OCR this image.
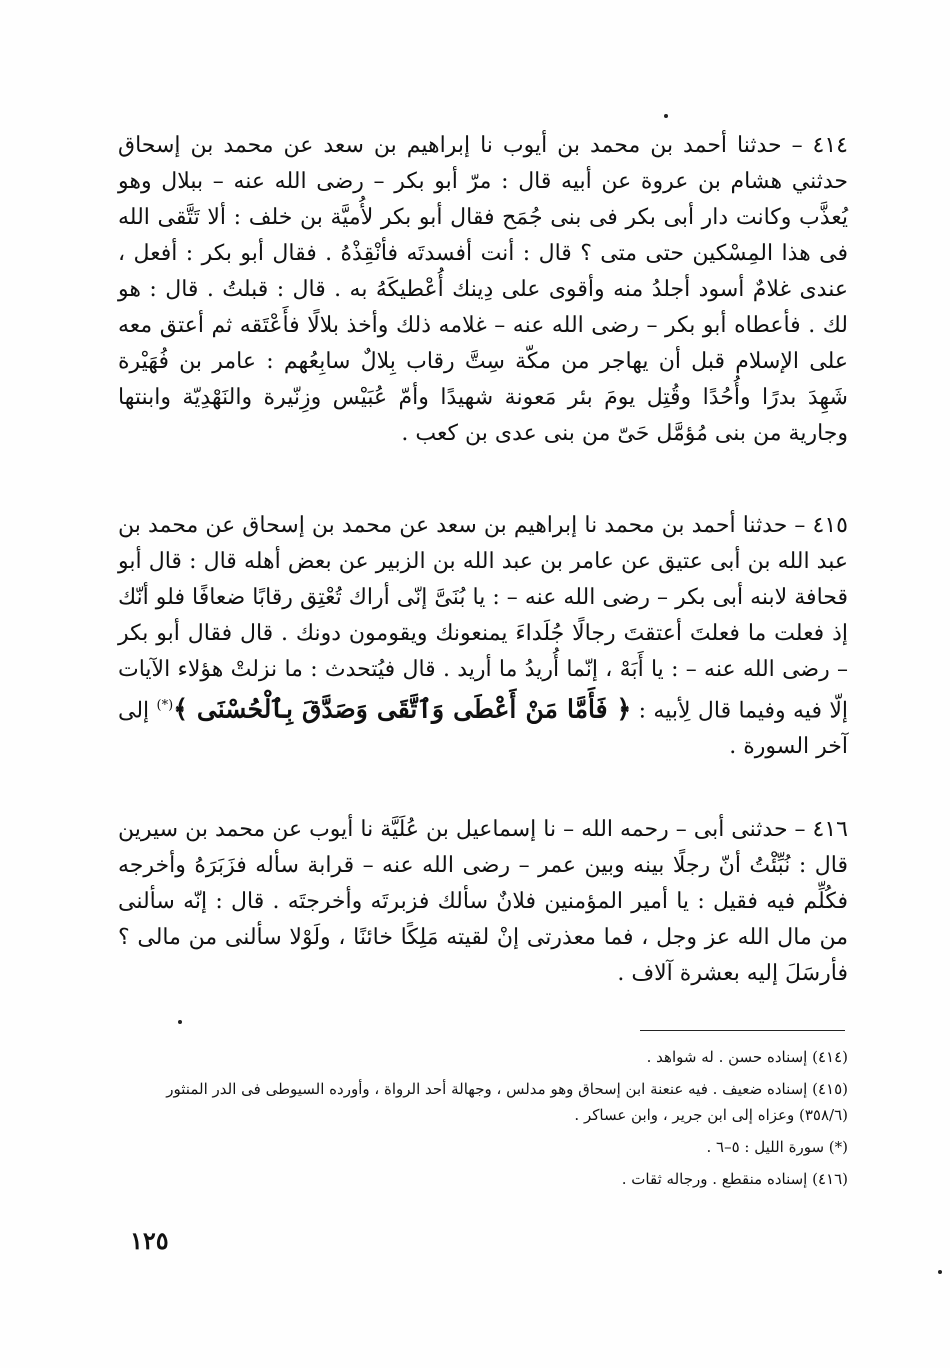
٤١٤ – حدثنا أحمد بن محمد بن أيوب نا إبراهيم بن سعد عن محمد بن إسحاق حدثني هشام بن عروة عن أبيه قال : مرّ أبو بكر – رضى الله عنه – ببلال وهو يُعذَّب وكانت دار أبى بكر فى بنى جُمَح فقال أبو بكر لأُميَّة بن خلف : ألا تَتَّقى الله فى هذا المِسْكين حتى متى ؟ قال : أنت أفسدتَه فأنْقِذْهُ . فقال أبو بكر : أفعل ، عندى غلامٌ أسود أجلدُ منه وأقوى على دِينك أُعْطيكَهُ به . قال : قبلتُ . قال : هو لك . فأعطاه أبو بكر – رضى الله عنه – غلامه ذلك وأخذ بلالًا فأَعْتَقه ثم أعتق معه على الإسلام قبل أن يهاجر من مكّة سِتَّ رقاب بِلالٌ سابِعُهم : عامر بن فُهَيْرة شَهِدَ بدرًا وأُحُدًا وقُتِل يومَ بئر مَعونة شهيدًا وأمّ عُبَيْس وزِنّيرة والنَهْدِيّة وابنتها وجارية من بنى مُؤمَّل حَىّ من بنى عدى بن كعب .

٤١٥ – حدثنا أحمد بن محمد نا إبراهيم بن سعد عن محمد بن إسحاق عن محمد بن عبد الله بن أبى عتيق عن عامر بن عبد الله بن الزبير عن بعض أهله قال : قال أبو قحافة لابنه أبى بكر – رضى الله عنه – : يا بُنَىَّ إنّى أراك تُعْتِق رقابًا ضعافًا فلو أنّك إذ فعلت ما فعلتَ أعتقتَ رجالًا جُلَداءَ يمنعونك ويقومون دونك . قال فقال أبو بكر – رضى الله عنه – : يا أَبَهْ ، إنّما أُريدُ ما أريد . قال فيُتحدث : ما نزلتْ هؤلاء الآيات إلّا فيه وفيما قال لِأبيه : ﴿ فَأَمَّا مَنْ أَعْطَى وَٱتَّقَى وَصَدَّقَ بِٱلْحُسْنَى ﴾(*) إلى آخر السورة .

٤١٦ – حدثنى أبى – رحمه الله – نا إسماعيل بن عُلَيَّة نا أيوب عن محمد بن سيرين قال : نُبِّئْتُ أنّ رجلًا بينه وبين عمر – رضى الله عنه – قرابة سأله فزَبَرَهُ وأخرجه فكُلِّم فيه فقيل : يا أمير المؤمنين فلانٌ سألك فزبرتَه وأخرجتَه . قال : إنّه سألنى من مال الله عز وجل ، فما معذرتى إنْ لقيته مَلِكًا خائنًا ، ولَوْلا سألنى من مالى ؟ فأرسَلَ إليه بعشرة آلاف .

(٤١٤) إسناده حسن . له شواهد .

(٤١٥) إسناده ضعيف . فيه عنعنة ابن إسحاق وهو مدلس ، وجهالة أحد الرواة ، وأورده السيوطى فى الدر المنثور (٣٥٨/٦) وعزاه إلى ابن جرير ، وابن عساكر .

(*) سورة الليل : ٥–٦ .

(٤١٦) إسناده منقطع . ورجاله ثقات .

١٢٥
